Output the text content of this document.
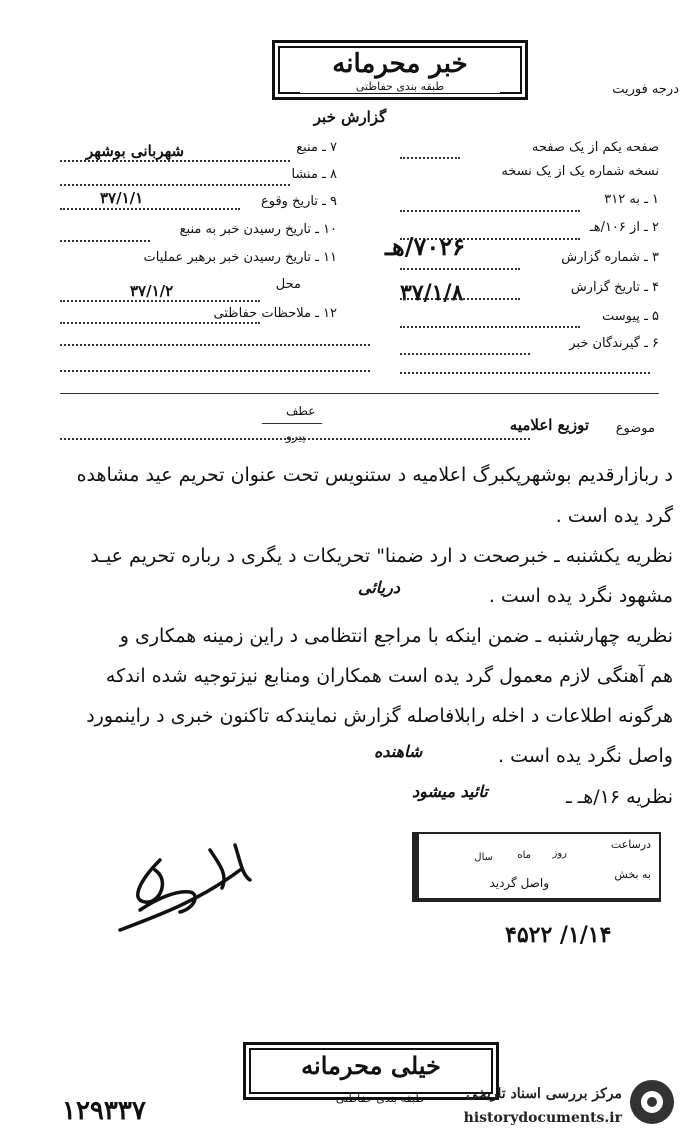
خبر محرمانه
طبقه بندی حفاظتی	درجه فوریت
گزارش خبر
صفحه یکم از یک صفحه
نسخه شماره یک از یک نسخه
۱ ـ به ۳۱۲
۲ ـ از ۱۰۶/هـ
۳ ـ شماره گزارش
۷۰۲۶/هـ
۴ ـ تاریخ گزارش
۳۷/۱/۸
۵ ـ پیوست
۶ ـ گیرندگان خبر
۷ ـ منبع
شهربانی بوشهر
۸ ـ منشا
۹ ـ تاریخ وقوع
۳۷/۱/۱
۱۰ ـ تاریخ رسیدن خبر به منبع
۱۱ ـ تاریخ رسیدن خبر برهبر عملیات
محل
۳۷/۱/۲
۱۲ ـ ملاحظات حفاظتی
عطف
پیرو	موضوع
توزیع اعلامیه
د ربازارقدیم بوشهرپکبرگ اعلامیه د ستنویس تحت عنوان تحریم عید مشاهده
گرد یده است .
نظریه یکشنبه ـ خبرصحت د ارد ضمنا" تحریکات د یگری د رباره تحریم عیـد
مشهود نگرد یده است .
دریائی
نظریه چهارشنبه ـ ضمن اینکه با مراجع انتظامی د راین زمینه همکاری و
هم آهنگی لازم معمول گرد یده است همکاران ومنابع نیزتوجیه شده اندکه
هرگونه اطلاعات د اخله رابلافاصله گزارش نمایندکه تاکنون خبری د راینمورد
واصل نگرد یده است .
شاهنده
نظریه ۱۶/هـ ـ
تائید میشود
درساعت
روز
ماه
سال
به بخش
واصل گردید
۴۵۲۲ /۱/۱۴
خیلی محرمانه
طبقه بندی حفاظتی
۱۲۹۳۳۷
مرکز بررسی اسناد تاریخی
historydocuments.ir
